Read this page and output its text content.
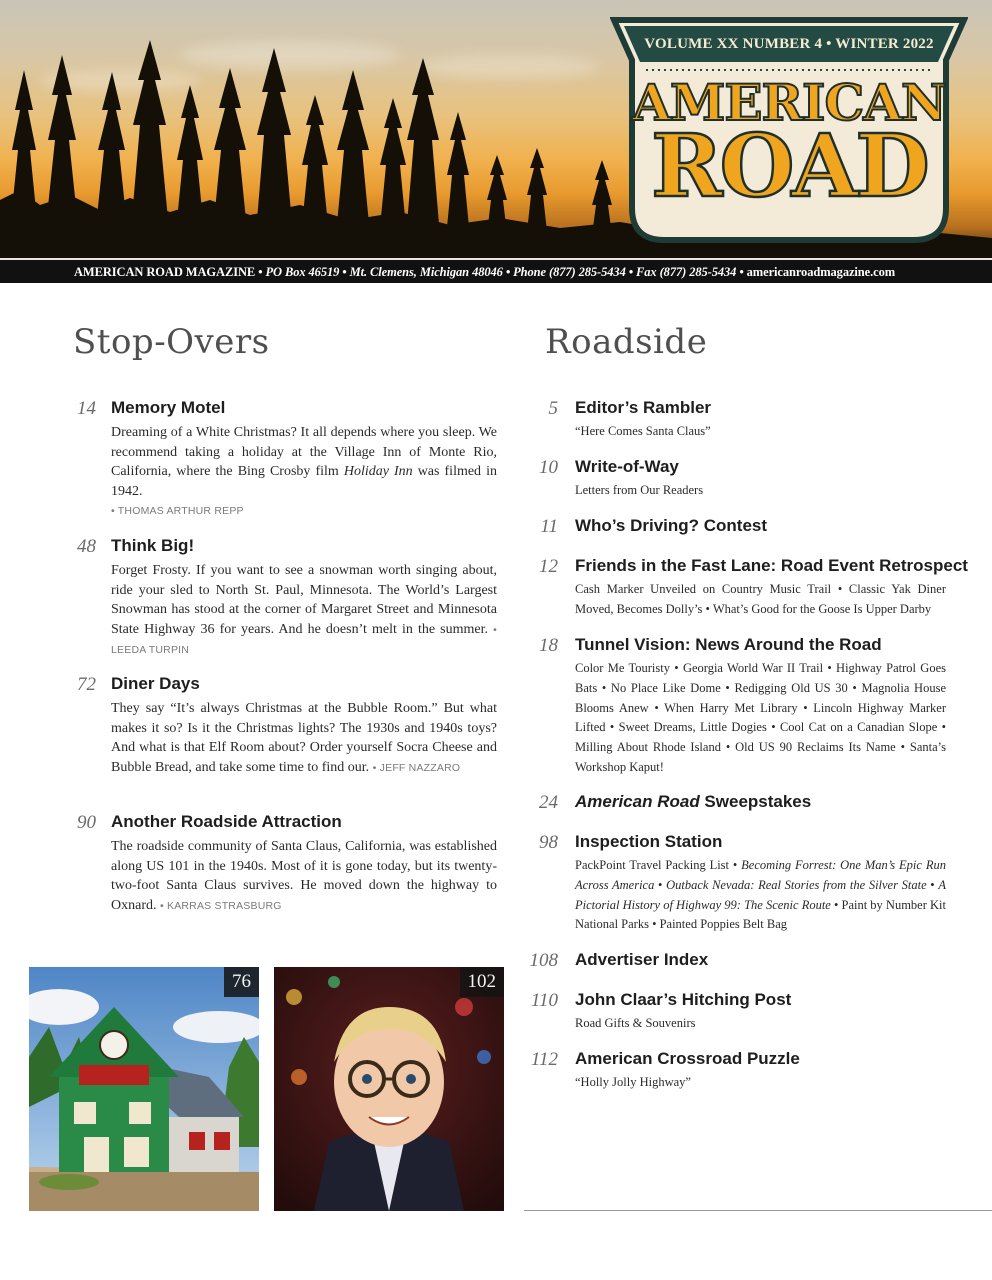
VOLUME XX NUMBER 4 • WINTER 2022
AMERICAN
ROAD
AMERICAN ROAD MAGAZINE • PO Box 46519 • Mt. Clemens, Michigan 48046 • Phone (877) 285-5434 • Fax (877) 285-5434 • americanroadmagazine.com
Stop-Overs
14 Memory Motel
Dreaming of a White Christmas? It all depends where you sleep. We recommend taking a holiday at the Village Inn of Monte Rio, California, where the Bing Crosby film Holiday Inn was filmed in 1942.
• THOMAS ARTHUR REPP
48 Think Big!
Forget Frosty. If you want to see a snowman worth singing about, ride your sled to North St. Paul, Minnesota. The World’s Largest Snowman has stood at the corner of Margaret Street and Minnesota State Highway 36 for years. And he doesn’t melt in the summer. • LEEDA TURPIN
72 Diner Days
They say “It’s always Christmas at the Bubble Room.” But what makes it so? Is it the Christmas lights? The 1930s and 1940s toys? And what is that Elf Room about? Order yourself Socra Cheese and Bubble Bread, and take some time to find our. • JEFF NAZZARO
90 Another Roadside Attraction
The roadside community of Santa Claus, California, was established along US 101 in the 1940s. Most of it is gone today, but its twenty-two-foot Santa Claus survives. He moved down the highway to Oxnard. • KARRAS STRASBURG
76	102
Roadside
5 Editor’s Rambler
“Here Comes Santa Claus”
10 Write-of-Way
Letters from Our Readers
11 Who’s Driving? Contest
12 Friends in the Fast Lane: Road Event Retrospect
Cash Marker Unveiled on Country Music Trail • Classic Yak Diner Moved, Becomes Dolly’s • What’s Good for the Goose Is Upper Darby
18 Tunnel Vision: News Around the Road
Color Me Touristy • Georgia World War II Trail • Highway Patrol Goes Bats • No Place Like Dome • Redigging Old US 30 • Magnolia House Blooms Anew • When Harry Met Library • Lincoln Highway Marker Lifted • Sweet Dreams, Little Dogies • Cool Cat on a Canadian Slope • Milling About Rhode Island • Old US 90 Reclaims Its Name • Santa’s Workshop Kaput!
24 American Road Sweepstakes
98 Inspection Station
PackPoint Travel Packing List • Becoming Forrest: One Man’s Epic Run Across America • Outback Nevada: Real Stories from the Silver State • A Pictorial History of Highway 99: The Scenic Route • Paint by Number Kit National Parks • Painted Poppies Belt Bag
108 Advertiser Index
110 John Claar’s Hitching Post
Road Gifts & Souvenirs
112 American Crossroad Puzzle
“Holly Jolly Highway”
